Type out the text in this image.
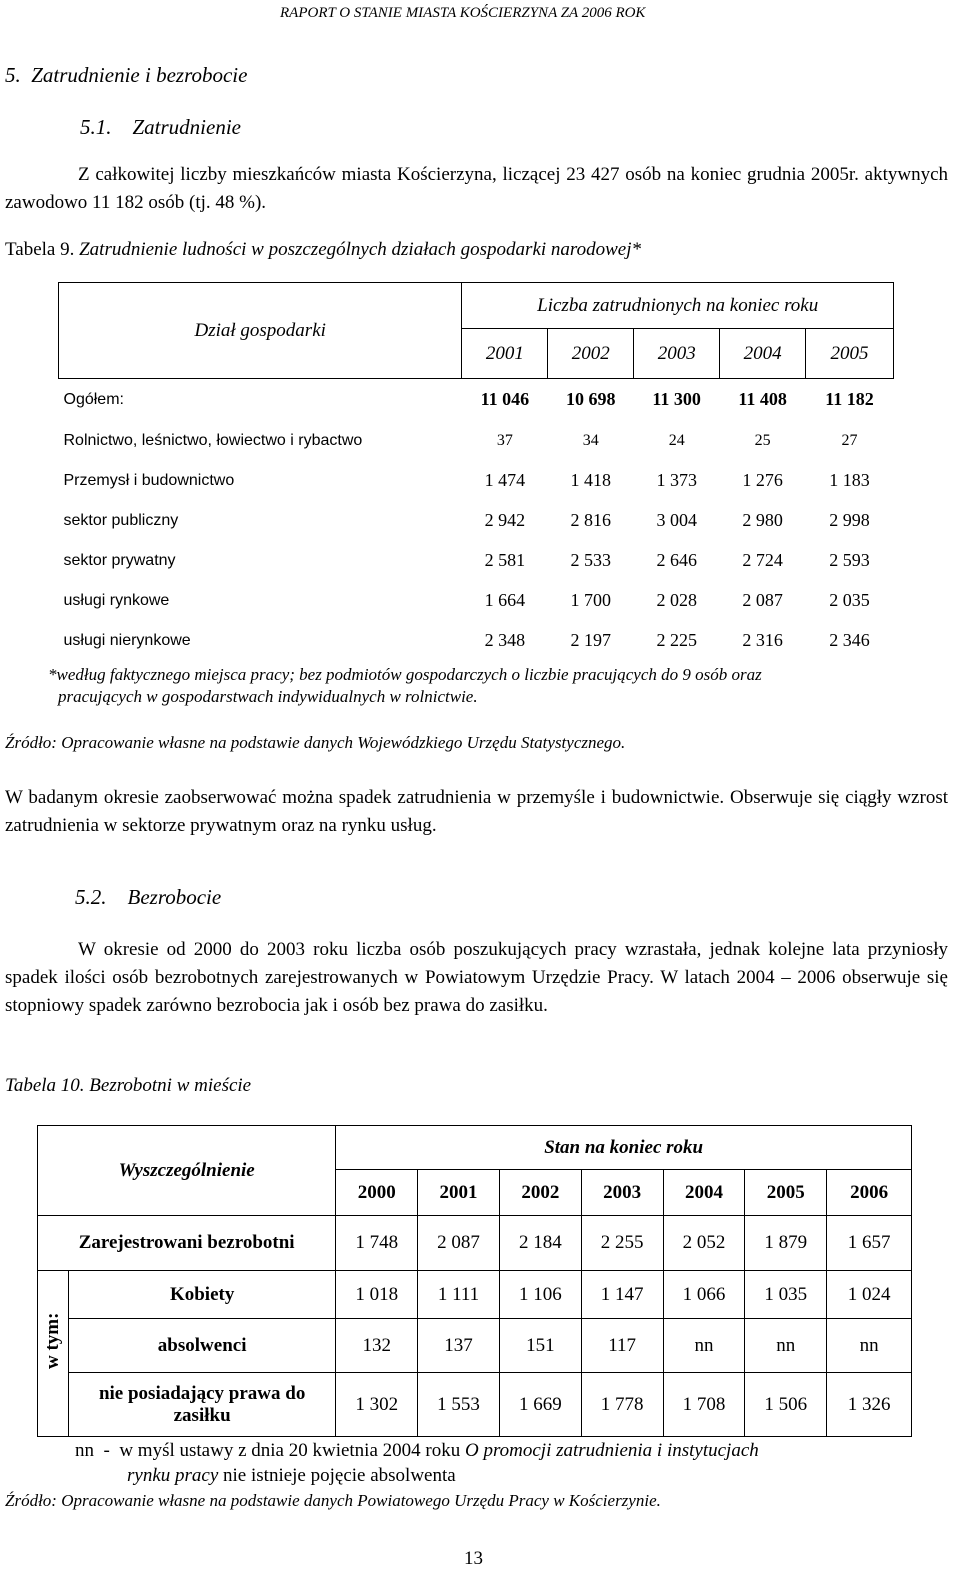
RAPORT O STANIE MIASTA KOŚCIERZYNA ZA 2006 ROK
5. Zatrudnienie i bezrobocie
5.1. Zatrudnienie
Z całkowitej liczby mieszkańców miasta Kościerzyna, liczącej 23 427 osób na koniec grudnia 2005r. aktywnych zawodowo 11 182 osób (tj. 48 %).
Tabela 9. Zatrudnienie ludności w poszczególnych działach gospodarki narodowej*
Dział gospodarki	Liczba zatrudnionych na koniec roku				
	2001	2002	2003	2004	2005
Ogółem:	11 046	10 698	11 300	11 408	11 182
Rolnictwo, leśnictwo, łowiectwo i rybactwo	37	34	24	25	27
Przemysł i budownictwo	1 474	1 418	1 373	1 276	1 183
sektor publiczny	2 942	2 816	3 004	2 980	2 998
sektor prywatny	2 581	2 533	2 646	2 724	2 593
usługi rynkowe	1 664	1 700	2 028	2 087	2 035
usługi nierynkowe	2 348	2 197	2 225	2 316	2 346
*według faktycznego miejsca pracy; bez podmiotów gospodarczych o liczbie pracujących do 9 osób oraz
pracujących w gospodarstwach indywidualnych w rolnictwie.
Źródło: Opracowanie własne na podstawie danych Wojewódzkiego Urzędu Statystycznego.
W badanym okresie zaobserwować można spadek zatrudnienia w przemyśle i budownictwie. Obserwuje się ciągły wzrost zatrudnienia w sektorze prywatnym oraz na rynku usług.
5.2. Bezrobocie
W okresie od 2000 do 2003 roku liczba osób poszukujących pracy wzrastała, jednak kolejne lata przyniosły spadek ilości osób bezrobotnych zarejestrowanych w Powiatowym Urzędzie Pracy. W latach 2004 – 2006 obserwuje się stopniowy spadek zarówno bezrobocia jak i osób bez prawa do zasiłku.
Tabela 10. Bezrobotni w mieście
Wyszczególnienie		Stan na koniec roku						
		2000	2001	2002	2003	2004	2005	2006
Zarejestrowani bezrobotni		1 748	2 087	2 184	2 255	2 052	1 879	1 657

w tym:	Kobiety	1 018	1 111	1 106	1 147	1 066	1 035	1 024
	absolwenci	132	137	151	117	nn	nn	nn
	nie posiadający prawa do zasiłku	1 302	1 553	1 669	1 778	1 708	1 506	1 326
nn  -  w myśl ustawy z dnia 20 kwietnia 2004 roku O promocji zatrudnienia i instytucjach
rynku pracy nie istnieje pojęcie absolwenta
Źródło: Opracowanie własne na podstawie danych Powiatowego Urzędu Pracy w Kościerzynie.
13
